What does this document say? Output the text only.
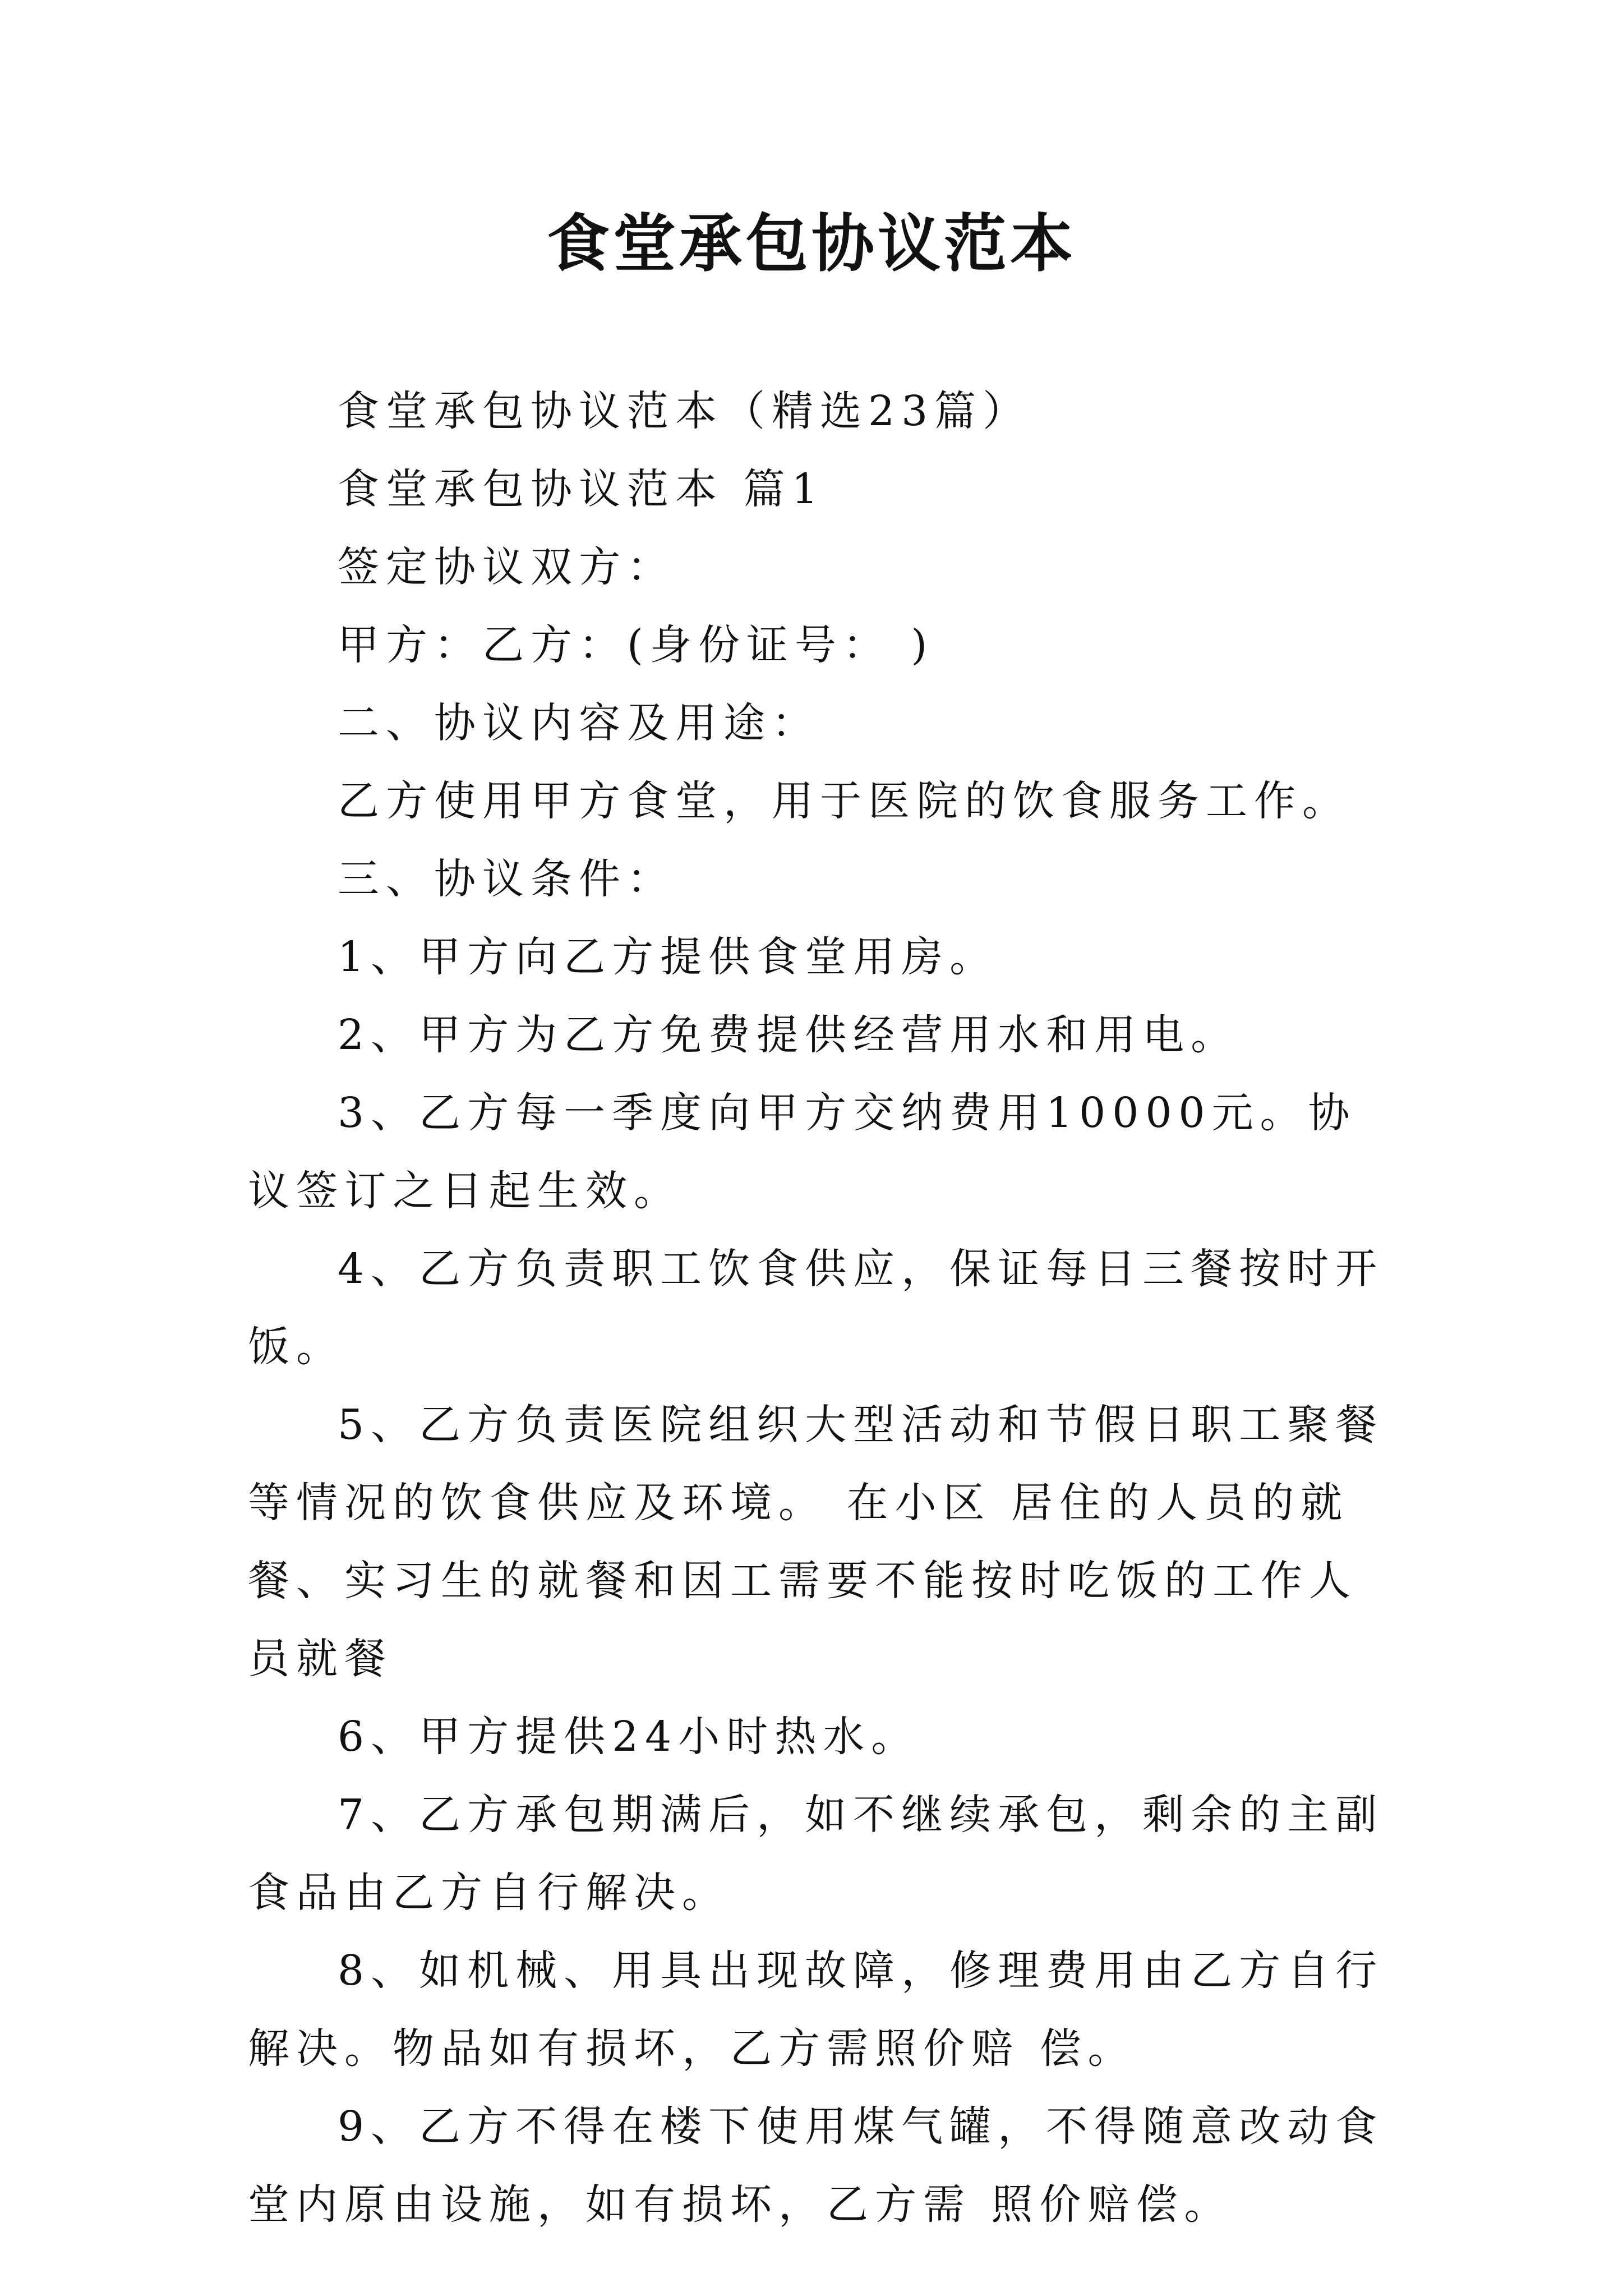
食堂承包协议范本

食堂承包协议范本（精选23篇）

食堂承包协议范本 篇1

签定协议双方：

甲方：乙方：(身份证号： )

二、协议内容及用途：

乙方使用甲方食堂，用于医院的饮食服务工作。

三、协议条件：

1、甲方向乙方提供食堂用房。

2、甲方为乙方免费提供经营用水和用电。

3、乙方每一季度向甲方交纳费用10000元。协议签订之日起生效。

4、乙方负责职工饮食供应，保证每日三餐按时开饭。

5、乙方负责医院组织大型活动和节假日职工聚餐等情况的饮食供应及环境。 在小区 居住的人员的就餐、实习生的就餐和因工需要不能按时吃饭的工作人员就餐

6、甲方提供24小时热水。

7、乙方承包期满后，如不继续承包，剩余的主副食品由乙方自行解决。

8、如机械、用具出现故障，修理费用由乙方自行解决。物品如有损坏，乙方需照价赔 偿。

9、乙方不得在楼下使用煤气罐，不得随意改动食堂内原由设施，如有损坏，乙方需 照价赔偿。
